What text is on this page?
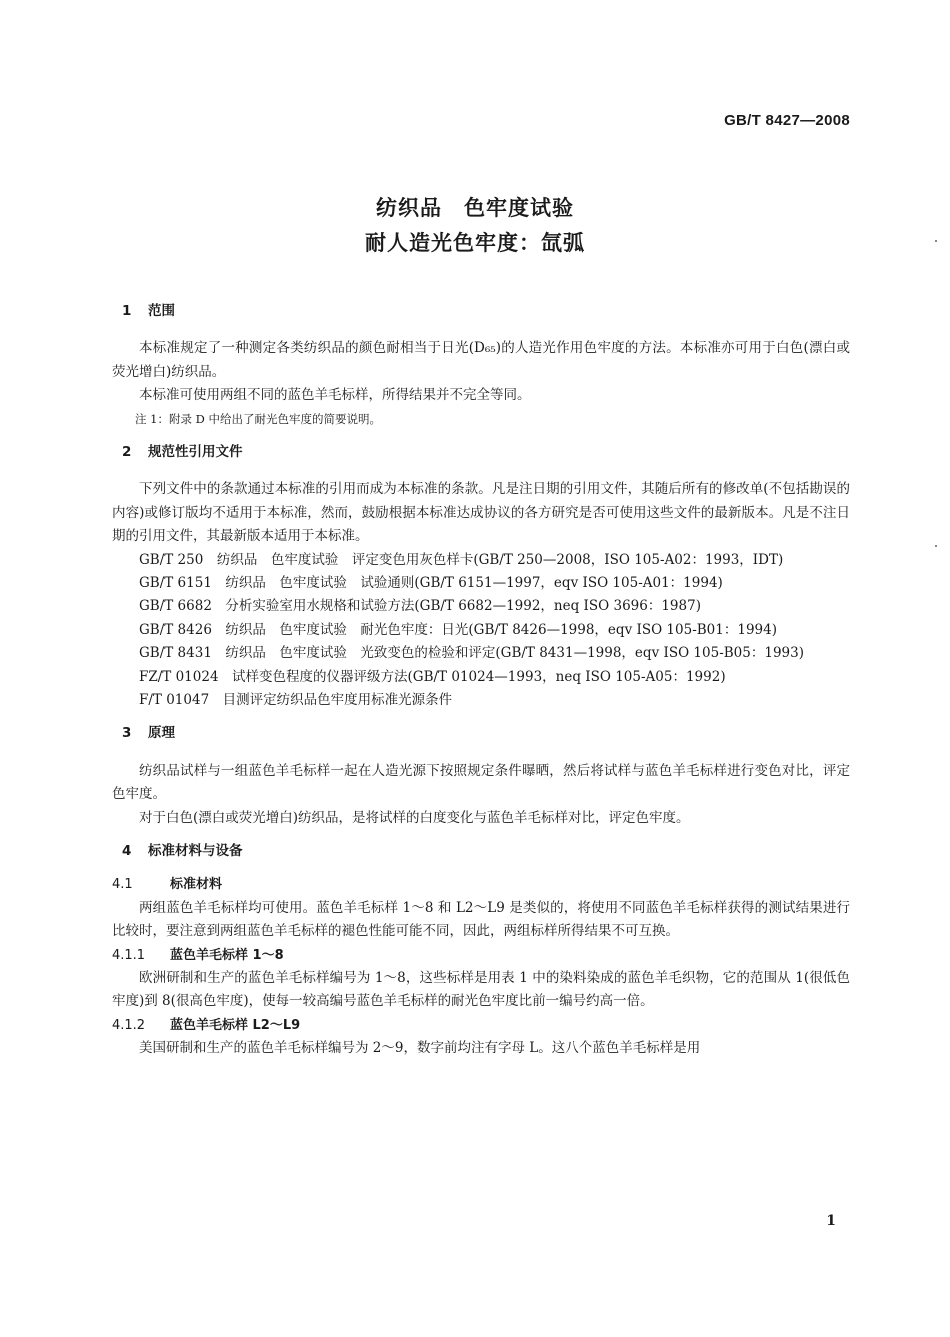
GB/T 8427—2008
纺织品　色牢度试验
耐人造光色牢度：氙弧
1 范围

本标准规定了一种测定各类纺织品的颜色耐相当于日光(D₆₅)的人造光作用色牢度的方法。本标准亦可用于白色(漂白或荧光增白)纺织品。

本标准可使用两组不同的蓝色羊毛标样，所得结果并不完全等同。

注 1：附录 D 中给出了耐光色牢度的简要说明。

2 规范性引用文件

下列文件中的条款通过本标准的引用而成为本标准的条款。凡是注日期的引用文件，其随后所有的修改单(不包括勘误的内容)或修订版均不适用于本标准，然而，鼓励根据本标准达成协议的各方研究是否可使用这些文件的最新版本。凡是不注日期的引用文件，其最新版本适用于本标准。

GB/T 250　纺织品　色牢度试验　评定变色用灰色样卡(GB/T 250—2008，ISO 105-A02：1993，IDT)

GB/T 6151　纺织品　色牢度试验　试验通则(GB/T 6151—1997，eqv ISO 105-A01：1994)

GB/T 6682　分析实验室用水规格和试验方法(GB/T 6682—1992，neq ISO 3696：1987)

GB/T 8426　纺织品　色牢度试验　耐光色牢度：日光(GB/T 8426—1998，eqv ISO 105-B01：1994)

GB/T 8431　纺织品　色牢度试验　光致变色的检验和评定(GB/T 8431—1998，eqv ISO 105-B05：1993)

FZ/T 01024　试样变色程度的仪器评级方法(GB/T 01024—1993，neq ISO 105-A05：1992)

F/T 01047　目测评定纺织品色牢度用标准光源条件

3 原理

纺织品试样与一组蓝色羊毛标样一起在人造光源下按照规定条件曝晒，然后将试样与蓝色羊毛标样进行变色对比，评定色牢度。

对于白色(漂白或荧光增白)纺织品，是将试样的白度变化与蓝色羊毛标样对比，评定色牢度。

4 标准材料与设备
4.1	标准材料

两组蓝色羊毛标样均可使用。蓝色羊毛标样 1～8 和 L2～L9 是类似的，将使用不同蓝色羊毛标样获得的测试结果进行比较时，要注意到两组蓝色羊毛标样的褪色性能可能不同，因此，两组标样所得结果不可互换。

4.1.1 蓝色羊毛标样 1～8

欧洲研制和生产的蓝色羊毛标样编号为 1～8，这些标样是用表 1 中的染料染成的蓝色羊毛织物，它的范围从 1(很低色牢度)到 8(很高色牢度)，使每一较高编号蓝色羊毛标样的耐光色牢度比前一编号约高一倍。

4.1.2 蓝色羊毛标样 L2～L9

美国研制和生产的蓝色羊毛标样编号为 2～9，数字前均注有字母 L。这八个蓝色羊毛标样是用

1
